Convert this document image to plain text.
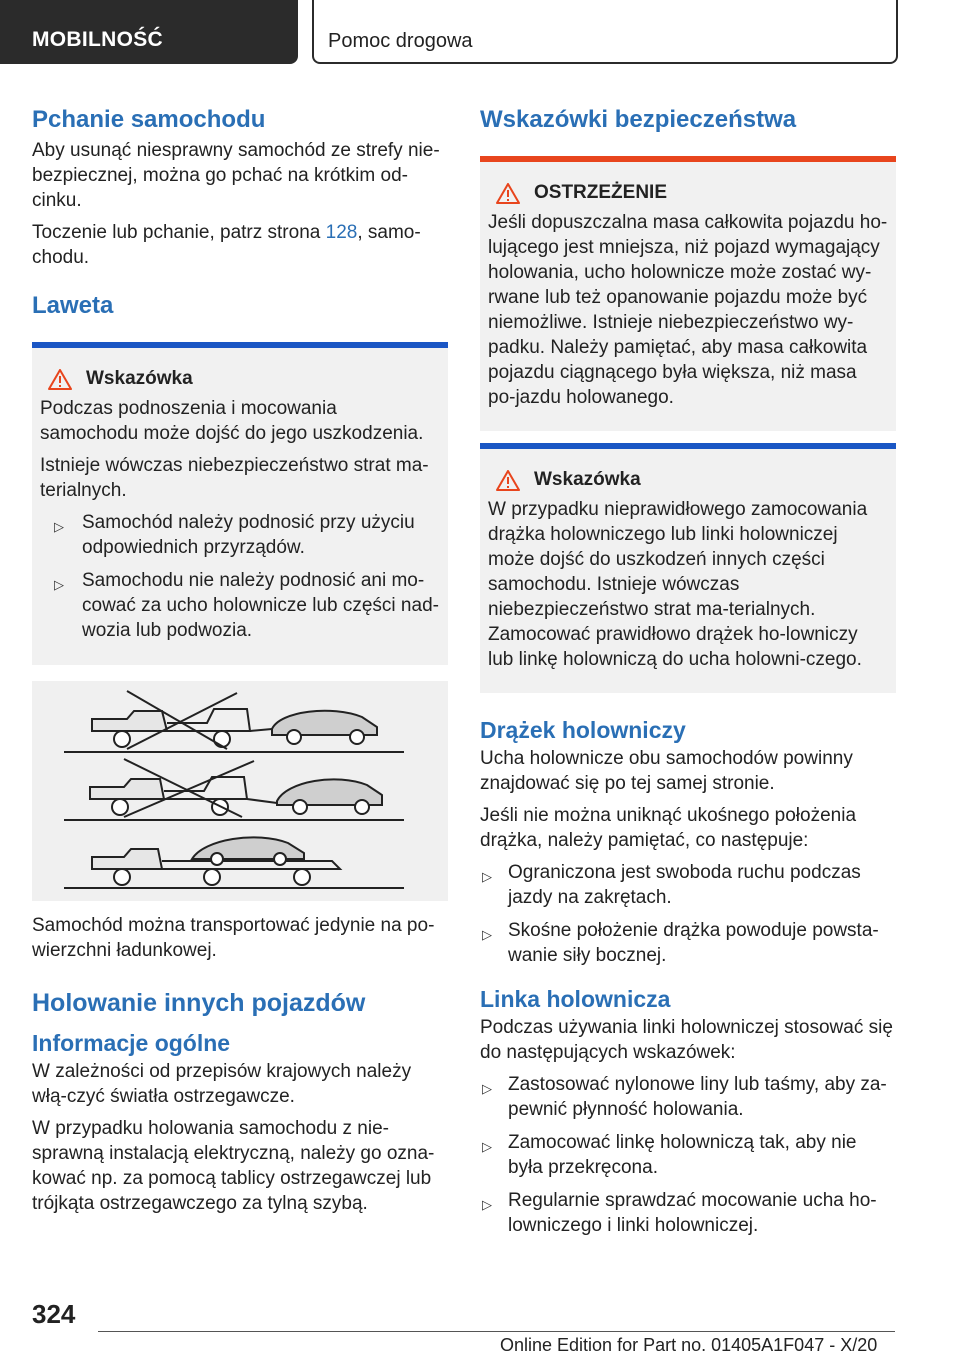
MOBILNOŚĆ	Pomoc drogowa
Pchanie samochodu

Aby usunąć niesprawny samochód ze strefy nie-bezpiecznej, można go pchać na krótkim od-cinku.

Toczenie lub pchanie, patrz strona 128, samo-chodu.

Laweta
Wskazówka

Podczas podnoszenia i mocowania samochodu może dojść do jego uszkodzenia.

Istnieje wówczas niebezpieczeństwo strat ma-terialnych.

▷ Samochód należy podnosić przy użyciu odpowiednich przyrządów.
▷ Samochodu nie należy podnosić ani mo-cować za ucho holownicze lub części nad-wozia lub podwozia.

Samochód można transportować jedynie na po-wierzchni ładunkowej.

Holowanie innych pojazdów
Informacje ogólne

W zależności od przepisów krajowych należy włą-czyć światła ostrzegawcze.

W przypadku holowania samochodu z nie-sprawną instalacją elektryczną, należy go ozna-kować np. za pomocą tablicy ostrzegawczej lub trójkąta ostrzegawczego za tylną szybą.

Wskazówki bezpieczeństwa
OSTRZEŻENIE

Jeśli dopuszczalna masa całkowita pojazdu ho-lującego jest mniejsza, niż pojazd wymagający holowania, ucho holownicze może zostać wy-rwane lub też opanowanie pojazdu może być niemożliwe. Istnieje niebezpieczeństwo wy-padku. Należy pamiętać, aby masa całkowita pojazdu ciągnącego była większa, niż masa po-jazdu holowanego.

Wskazówka

W przypadku nieprawidłowego zamocowania drążka holowniczego lub linki holowniczej może dojść do uszkodzeń innych części samochodu. Istnieje wówczas niebezpieczeństwo strat ma-terialnych. Zamocować prawidłowo drążek ho-lowniczy lub linkę holowniczą do ucha holowni-czego.

Drążek holowniczy

Ucha holownicze obu samochodów powinny znajdować się po tej samej stronie.

Jeśli nie można uniknąć ukośnego położenia drążka, należy pamiętać, co następuje:

▷ Ograniczona jest swoboda ruchu podczas jazdy na zakrętach.
▷ Skośne położenie drążka powoduje powsta-wanie siły bocznej.
Linka holownicza

Podczas używania linki holowniczej stosować się do następujących wskazówek:

▷ Zastosować nylonowe liny lub taśmy, aby za-pewnić płynność holowania.
▷ Zamocować linkę holowniczą tak, aby nie była przekręcona.
▷ Regularnie sprawdzać mocowanie ucha ho-lowniczego i linki holowniczej.
324
Online Edition for Part no. 01405A1F047 - X/20
